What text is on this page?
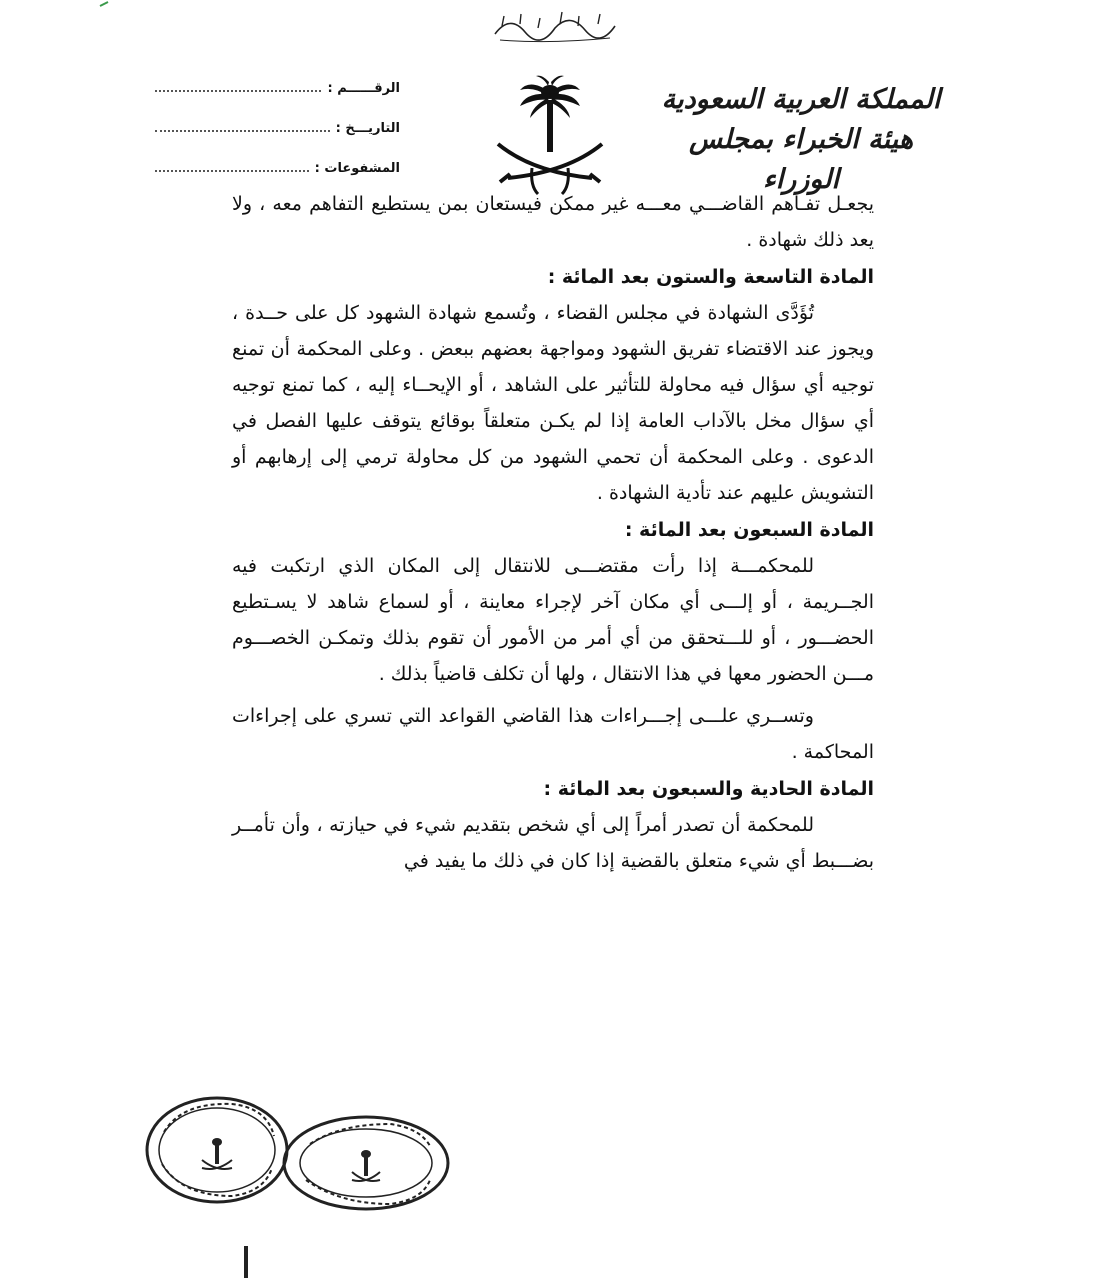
المملكة العربية السعودية
هيئة الخبراء بمجلس الوزراء
الرقــــــم :
التاريـــخ :
المشفوعات :

يجعـل تفـاهم القاضـــي معـــه غير ممكن فيستعان بمن يستطيع التفاهم معه ، ولا يعد ذلك شهادة .

المادة التاسعة والستون بعد المائة :

تُؤَدَّى الشهادة في مجلس القضاء ، وتُسمع شهادة الشهود كل على حــدة ، ويجوز عند الاقتضاء تفريق الشهود ومواجهة بعضهم ببعض . وعلى المحكمة أن تمنع توجيه أي سؤال فيه محاولة للتأثير على الشاهد ، أو الإيحــاء إليه ، كما تمنع توجيه أي سؤال مخل بالآداب العامة إذا لم يكـن متعلقاً بوقائع يتوقف عليها الفصل في الدعوى . وعلى المحكمة أن تحمي الشهود من كل محاولة ترمي إلى إرهابهم أو التشويش عليهم عند تأدية الشهادة .

المادة السبعون بعد المائة :

للمحكمـــة إذا رأت مقتضـــى للانتقال إلى المكان الذي ارتكبت فيه الجــريمة ، أو إلـــى أي مكان آخر لإجراء معاينة ، أو لسماع شاهد لا يسـتطيع الحضـــور ، أو للـــتحقق من أي أمر من الأمور أن تقوم بذلك وتمكـن الخصـــوم مـــن الحضور معها في هذا الانتقال ، ولها أن تكلف قاضياً بذلك .

وتســري علـــى إجـــراءات هذا القاضي القواعد التي تسري على إجراءات المحاكمة .

المادة الحادية والسبعون بعد المائة :

للمحكمة أن تصدر أمراً إلى أي شخص بتقديم شيء في حيازته ، وأن تأمــر بضـــبط أي شيء متعلق بالقضية إذا كان في ذلك ما يفيد في
